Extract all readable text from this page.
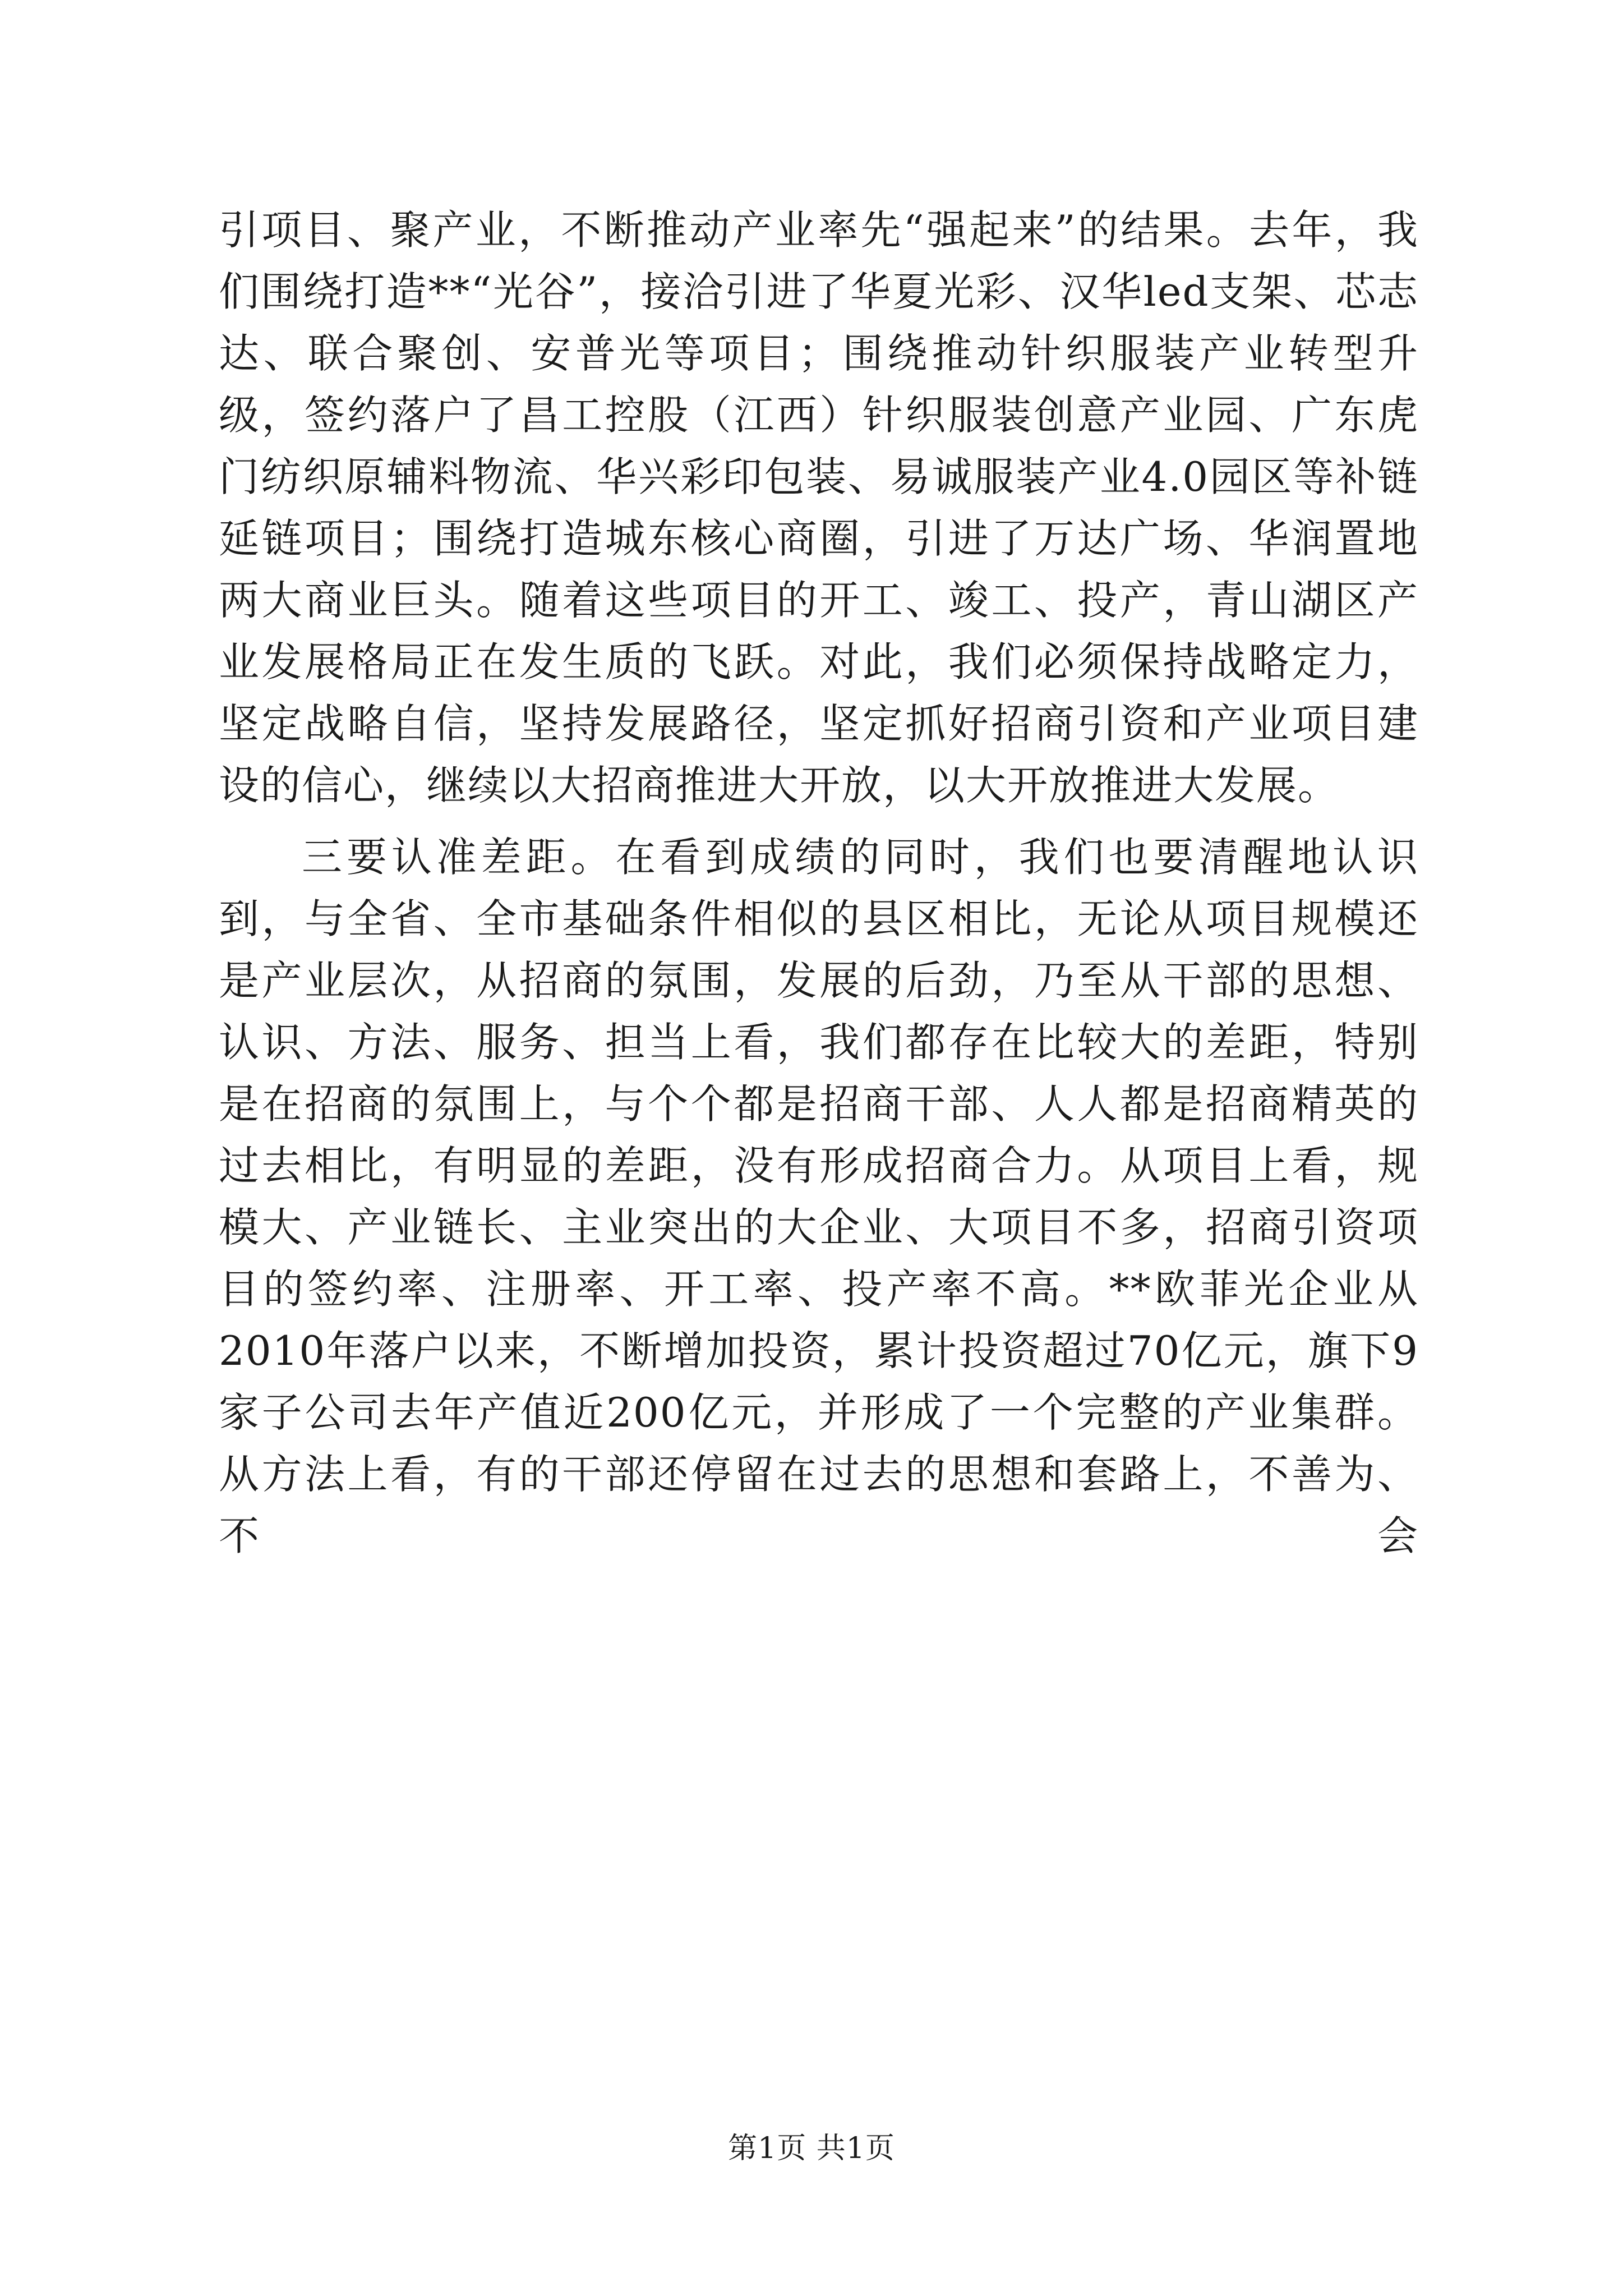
引项目、聚产业，不断推动产业率先“强起来”的结果。去年，我们围绕打造**“光谷”，接洽引进了华夏光彩、汉华led支架、芯志达、联合聚创、安普光等项目；围绕推动针织服装产业转型升级，签约落户了昌工控股（江西）针织服装创意产业园、广东虎门纺织原辅料物流、华兴彩印包装、易诚服装产业4.0园区等补链延链项目；围绕打造城东核心商圈，引进了万达广场、华润置地两大商业巨头。随着这些项目的开工、竣工、投产，青山湖区产业发展格局正在发生质的飞跃。对此，我们必须保持战略定力，坚定战略自信，坚持发展路径，坚定抓好招商引资和产业项目建设的信心，继续以大招商推进大开放，以大开放推进大发展。

三要认准差距。在看到成绩的同时，我们也要清醒地认识到，与全省、全市基础条件相似的县区相比，无论从项目规模还是产业层次，从招商的氛围，发展的后劲，乃至从干部的思想、认识、方法、服务、担当上看，我们都存在比较大的差距，特别是在招商的氛围上，与个个都是招商干部、人人都是招商精英的过去相比，有明显的差距，没有形成招商合力。从项目上看，规模大、产业链长、主业突出的大企业、大项目不多，招商引资项目的签约率、注册率、开工率、投产率不高。**欧菲光企业从2010年落户以来，不断增加投资，累计投资超过70亿元，旗下9家子公司去年产值近200亿元，并形成了一个完整的产业集群。从方法上看，有的干部还停留在过去的思想和套路上，不善为、不会

第1页 共1页
